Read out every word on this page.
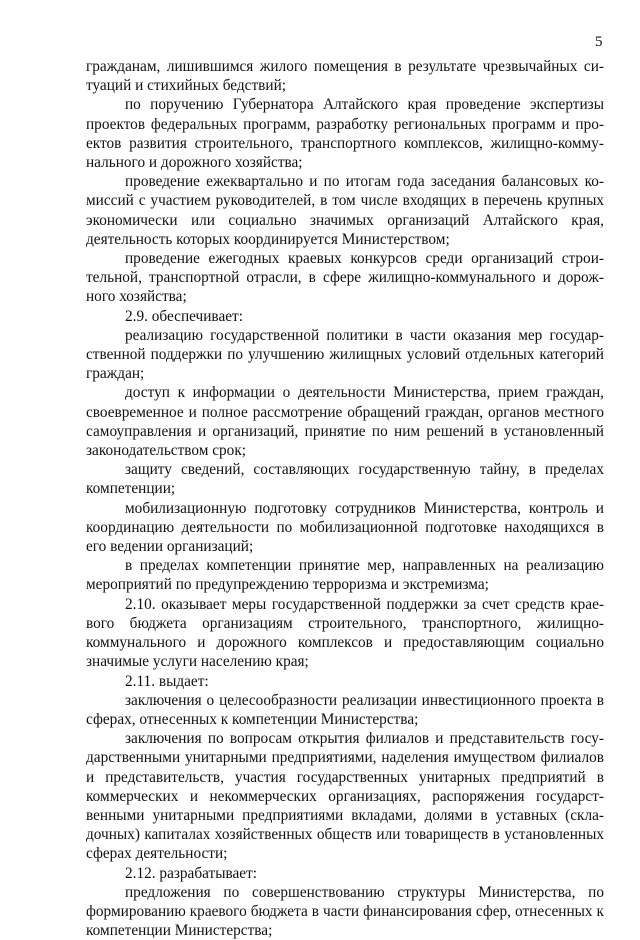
5

гражданам, лишившимся жилого помещения в результате чрезвычайных ситуаций и стихийных бедствий;

по поручению Губернатора Алтайского края проведение экспертизы проектов федеральных программ, разработку региональных программ и проектов развития строительного, транспортного комплексов, жилищно-коммунального и дорожного хозяйства;

проведение ежеквартально и по итогам года заседания балансовых комиссий с участием руководителей, в том числе входящих в перечень крупных экономически или социально значимых организаций Алтайского края, деятельность которых координируется Министерством;

проведение ежегодных краевых конкурсов среди организаций строительной, транспортной отрасли, в сфере жилищно-коммунального и дорожного хозяйства;

2.9. обеспечивает:

реализацию государственной политики в части оказания мер государственной поддержки по улучшению жилищных условий отдельных категорий граждан;

доступ к информации о деятельности Министерства, прием граждан, своевременное и полное рассмотрение обращений граждан, органов местного самоуправления и организаций, принятие по ним решений в установленный законодательством срок;

защиту сведений, составляющих государственную тайну, в пределах компетенции;

мобилизационную подготовку сотрудников Министерства, контроль и координацию деятельности по мобилизационной подготовке находящихся в его ведении организаций;

в пределах компетенции принятие мер, направленных на реализацию мероприятий по предупреждению терроризма и экстремизма;

2.10. оказывает меры государственной поддержки за счет средств краевого бюджета организациям строительного, транспортного, жилищно-коммунального и дорожного комплексов и предоставляющим социально значимые услуги населению края;

2.11. выдает:

заключения о целесообразности реализации инвестиционного проекта в сферах, отнесенных к компетенции Министерства;

заключения по вопросам открытия филиалов и представительств государственными унитарными предприятиями, наделения имуществом филиалов и представительств, участия государственных унитарных предприятий в коммерческих и некоммерческих организациях, распоряжения государственными унитарными предприятиями вкладами, долями в уставных (складочных) капиталах хозяйственных обществ или товариществ в установленных сферах деятельности;

2.12. разрабатывает:

предложения по совершенствованию структуры Министерства, по формированию краевого бюджета в части финансирования сфер, отнесенных к компетенции Министерства;
